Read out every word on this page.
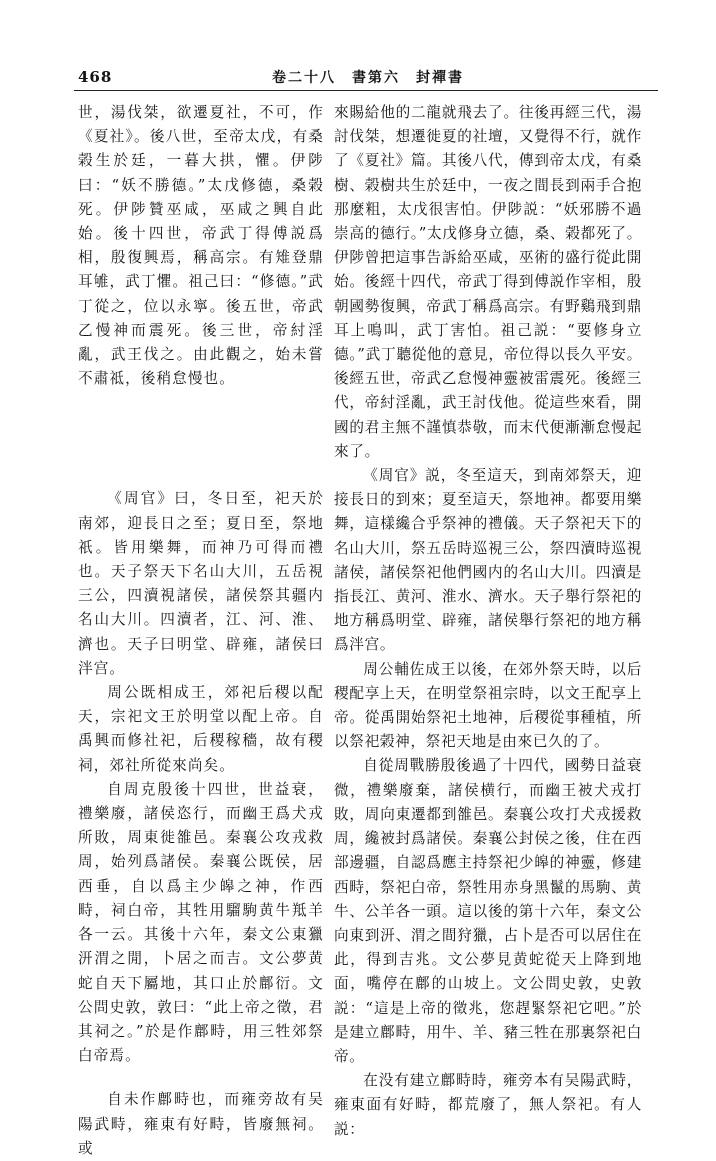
468	卷二十八　書第六　封禪書

世，湯伐桀，欲遷夏社，不可，作《夏社》。後八世，至帝太戊，有桑榖生於廷，一暮大拱，懼。伊陟曰：“妖不勝德。”太戊修德，桑榖死。伊陟贊巫咸，巫咸之興自此始。後十四世，帝武丁得傅説爲相，殷復興焉，稱高宗。有雉登鼎耳雊，武丁懼。祖己曰：“修德。”武丁從之，位以永寧。後五世，帝武乙慢神而震死。後三世，帝紂淫亂，武王伐之。由此觀之，始未嘗不肅祗，後稍怠慢也。

《周官》曰，冬日至，祀天於南郊，迎長日之至；夏日至，祭地祇。皆用樂舞，而神乃可得而禮也。天子祭天下名山大川，五岳視三公，四瀆視諸侯，諸侯祭其疆内名山大川。四瀆者，江、河、淮、濟也。天子曰明堂、辟雍，諸侯曰泮宫。

周公既相成王，郊祀后稷以配天，宗祀文王於明堂以配上帝。自禹興而修社祀，后稷稼穡，故有稷祠，郊社所從來尚矣。

自周克殷後十四世，世益衰，禮樂廢，諸侯恣行，而幽王爲犬戎所敗，周東徙雒邑。秦襄公攻戎救周，始列爲諸侯。秦襄公既侯，居西垂，自以爲主少皞之神，作西畤，祠白帝，其牲用騮駒黄牛羝羊各一云。其後十六年，秦文公東獵汧渭之閒，卜居之而吉。文公夢黄蛇自天下屬地，其口止於鄜衍。文公問史敦，敦曰：“此上帝之徵，君其祠之。”於是作鄜畤，用三牲郊祭白帝焉。

自未作鄜畤也，而雍旁故有吴陽武畤，雍東有好畤，皆廢無祠。或

來賜給他的二龍就飛去了。往後再經三代，湯討伐桀，想遷徙夏的社壇，又覺得不行，就作了《夏社》篇。其後八代，傳到帝太戊，有桑樹、榖樹共生於廷中，一夜之間長到兩手合抱那麼粗，太戊很害怕。伊陟説：“妖邪勝不過崇高的德行。”太戊修身立德，桑、榖都死了。伊陟曾把這事告訴給巫咸，巫術的盛行從此開始。後經十四代，帝武丁得到傅説作宰相，殷朝國勢復興，帝武丁稱爲高宗。有野鷄飛到鼎耳上鳴叫，武丁害怕。祖己説：“要修身立德。”武丁聽從他的意見，帝位得以長久平安。後經五世，帝武乙怠慢神靈被雷震死。後經三代，帝紂淫亂，武王討伐他。從這些來看，開國的君主無不謹慎恭敬，而末代便漸漸怠慢起來了。

《周官》説，冬至這天，到南郊祭天，迎接長日的到來；夏至這天，祭地神。都要用樂舞，這樣纔合乎祭神的禮儀。天子祭祀天下的名山大川，祭五岳時巡視三公，祭四瀆時巡視諸侯，諸侯祭祀他們國内的名山大川。四瀆是指長江、黄河、淮水、濟水。天子舉行祭祀的地方稱爲明堂、辟雍，諸侯舉行祭祀的地方稱爲泮宫。

周公輔佐成王以後，在郊外祭天時，以后稷配享上天，在明堂祭祖宗時，以文王配享上帝。從禹開始祭祀土地神，后稷從事種植，所以祭祀榖神，祭祀天地是由來已久的了。

自從周戰勝殷後過了十四代，國勢日益衰微，禮樂廢棄，諸侯横行，而幽王被犬戎打敗，周向東遷都到雒邑。秦襄公攻打犬戎援救周，纔被封爲諸侯。秦襄公封侯之後，住在西部邊疆，自認爲應主持祭祀少皞的神靈，修建西畤，祭祀白帝，祭牲用赤身黑鬣的馬駒、黄牛、公羊各一頭。這以後的第十六年，秦文公向東到汧、渭之間狩獵，占卜是否可以居住在此，得到吉兆。文公夢見黄蛇從天上降到地面，嘴停在鄜的山坡上。文公問史敦，史敦説：“這是上帝的徵兆，您趕緊祭祀它吧。”於是建立鄜畤，用牛、羊、豬三牲在那裏祭祀白帝。

在没有建立鄜畤時，雍旁本有吴陽武畤，雍東面有好畤，都荒廢了，無人祭祀。有人説：
